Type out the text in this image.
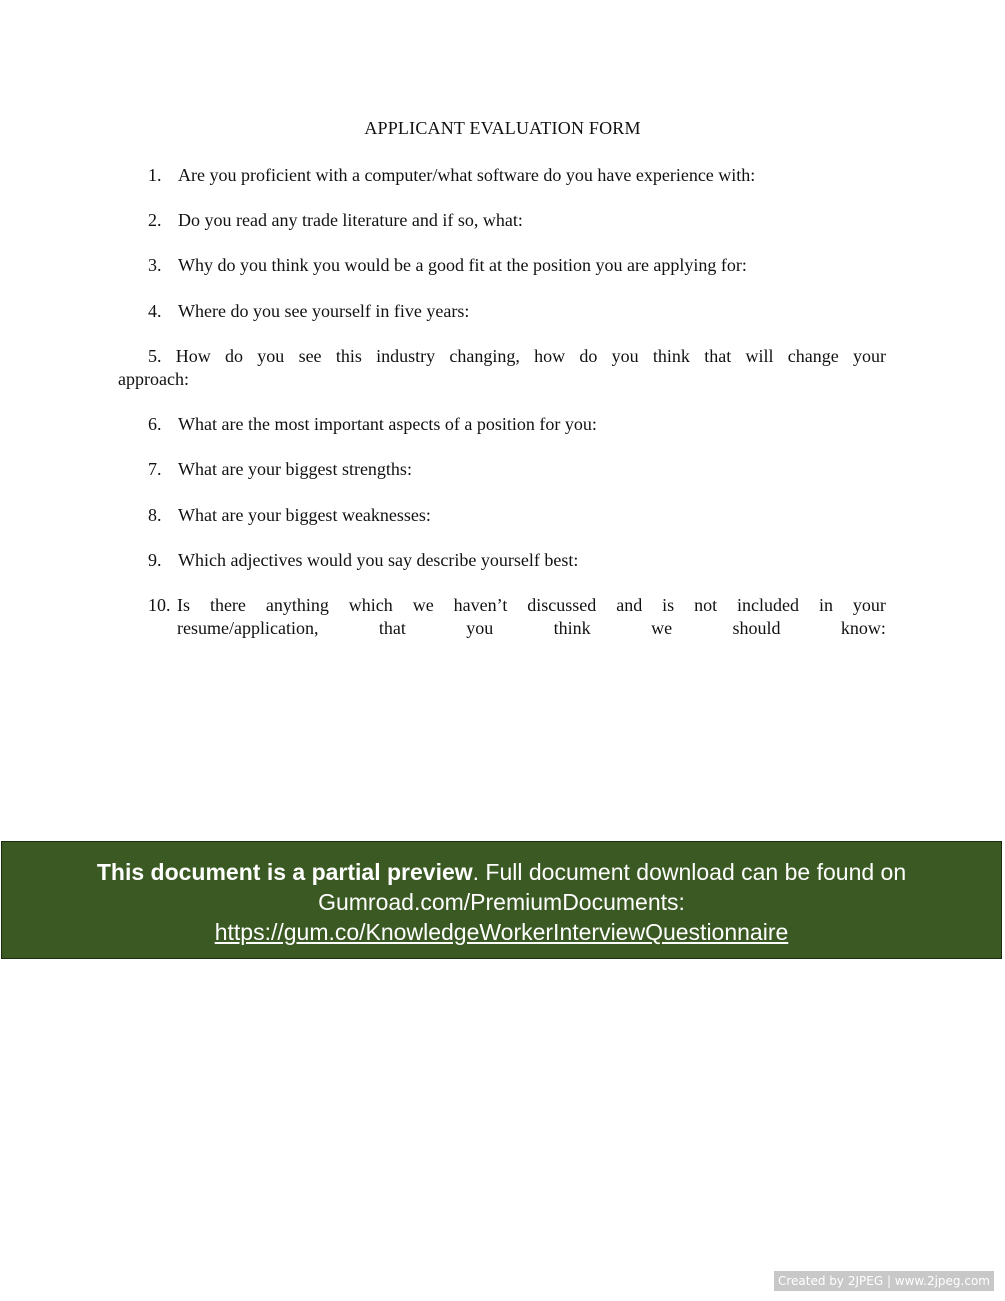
APPLICANT EVALUATION FORM
1. Are you proficient with a computer/what software do you have experience with:
2. Do you read any trade literature and if so, what:
3. Why do you think you would be a good fit at the position you are applying for:
4. Where do you see yourself in five years:
5. How do you see this industry changing, how do you think that will change your
approach:
6. What are the most important aspects of a position for you:
7. What are your biggest strengths:
8. What are your biggest weaknesses:
9. Which adjectives would you say describe yourself best:
10. Is there anything which we haven’t discussed and is not included in your
resume/application,	that	you	think	we	should	know:
This document is a partial preview. Full document download can be found on
Gumroad.com/PremiumDocuments:
https://gum.co/KnowledgeWorkerInterviewQuestionnaire
Created by 2JPEG | www.2jpeg.com
